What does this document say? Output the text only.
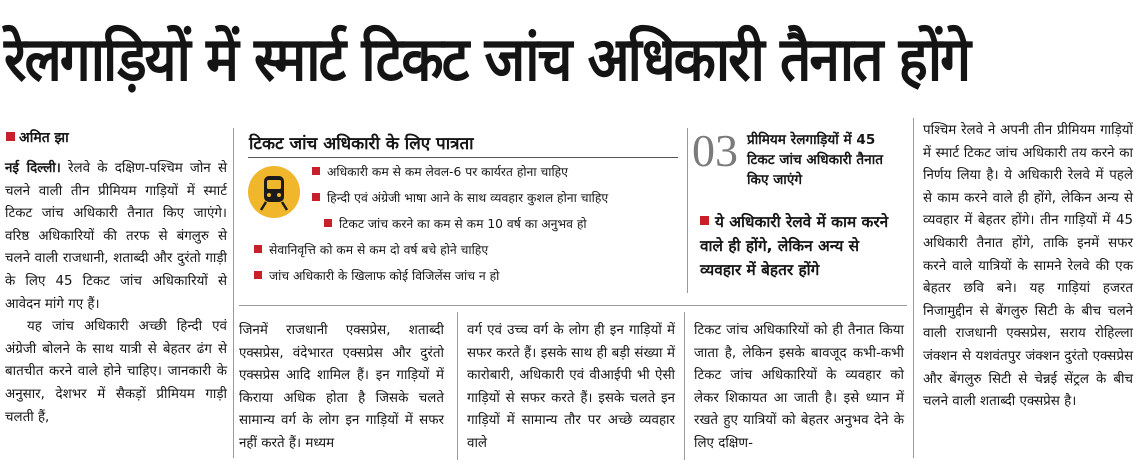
रेलगाड़ियों में स्मार्ट टिकट जांच अधिकारी तैनात होंगे
अमित झा

नई दिल्ली। रेलवे के दक्षिण-पश्चिम जोन से चलने वाली तीन प्रीमियम गाड़ियों में स्मार्ट टिकट जांच अधिकारी तैनात किए जाएंगे। वरिष्ठ अधिकारियों की तरफ से बंगलुरु से चलने वाली राजधानी, शताब्दी और दुरंतो गाड़ी के लिए 45 टिकट जांच अधिकारियों से आवेदन मांगे गए हैं।

यह जांच अधिकारी अच्छी हिन्दी एवं अंग्रेजी बोलने के साथ यात्री से बेहतर ढंग से बातचीत करने वाले होने चाहिए। जानकारी के अनुसार, देशभर में सैकड़ों प्रीमियम गाड़ी चलती हैं,

टिकट जांच अधिकारी के लिए पात्रता
अधिकारी कम से कम लेवल-6 पर कार्यरत होना चाहिए
हिन्दी एवं अंग्रेजी भाषा आने के साथ व्यवहार कुशल होना चाहिए
टिकट जांच करने का कम से कम 10 वर्ष का अनुभव हो
सेवानिवृत्ति को कम से कम दो वर्ष बचे होने चाहिए
जांच अधिकारी के खिलाफ कोई विजिलेंस जांच न हो
03 प्रीमियम रेलगाड़ियों में 45 टिकट जांच अधिकारी तैनात किए जाएंगे
ये अधिकारी रेलवे में काम करने वाले ही होंगे, लेकिन अन्य से व्यवहार में बेहतर होंगे
जिनमें राजधानी एक्सप्रेस, शताब्दी एक्सप्रेस, वंदेभारत एक्सप्रेस और दुरंतो एक्सप्रेस आदि शामिल हैं। इन गाड़ियों में किराया अधिक होता है जिसके चलते सामान्य वर्ग के लोग इन गाड़ियों में सफर नहीं करते हैं। मध्यम
वर्ग एवं उच्च वर्ग के लोग ही इन गाड़ियों में सफर करते हैं। इसके साथ ही बड़ी संख्या में कारोबारी, अधिकारी एवं वीआईपी भी ऐसी गाड़ियों से सफर करते हैं। इसके चलते इन गाड़ियों में सामान्य तौर पर अच्छे व्यवहार वाले
टिकट जांच अधिकारियों को ही तैनात किया जाता है, लेकिन इसके बावजूद कभी-कभी टिकट जांच अधिकारियों के व्यवहार को लेकर शिकायत आ जाती है। इसे ध्यान में रखते हुए यात्रियों को बेहतर अनुभव देने के लिए दक्षिण-
पश्चिम रेलवे ने अपनी तीन प्रीमियम गाड़ियों में स्मार्ट टिकट जांच अधिकारी तय करने का निर्णय लिया है। ये अधिकारी रेलवे में पहले से काम करने वाले ही होंगे, लेकिन अन्य से व्यवहार में बेहतर होंगे। तीन गाड़ियों में 45 अधिकारी तैनात होंगे, ताकि इनमें सफर करने वाले यात्रियों के सामने रेलवे की एक बेहतर छवि बने। यह गाड़ियां हजरत निजामुद्दीन से बेंगलुरु सिटी के बीच चलने वाली राजधानी एक्सप्रेस, सराय रोहिल्ला जंक्शन से यशवंतपुर जंक्शन दुरंतो एक्सप्रेस और बेंगलुरु सिटी से चेन्नई सेंट्रल के बीच चलने वाली शताब्दी एक्सप्रेस है।
